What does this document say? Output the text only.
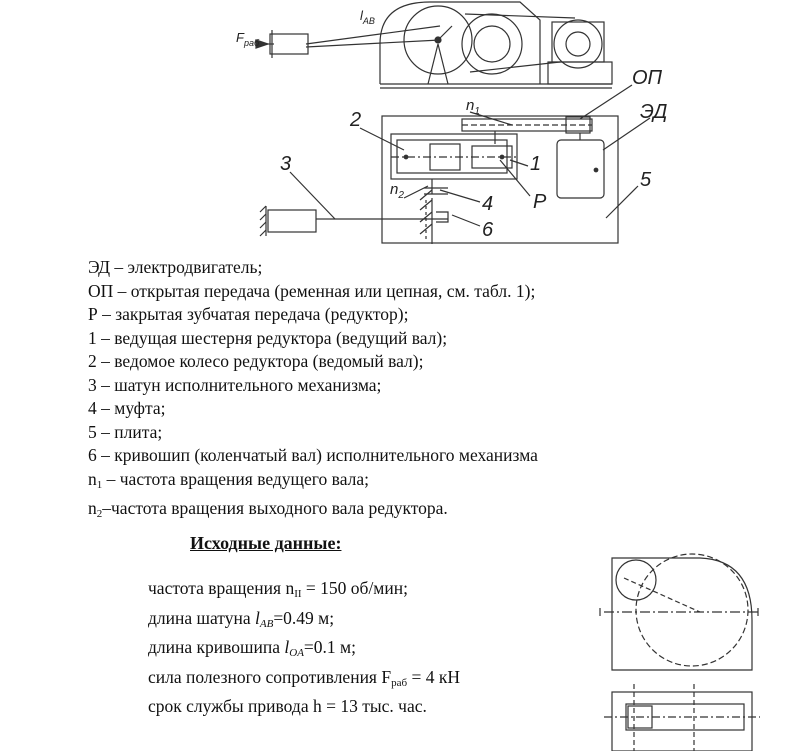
$F_{раб}$
$l_{AB}$
$n_1$
ОП
ЭД
2
1
3
5
$n_2$	4 P
6
ЭД – электродвигатель;
ОП – открытая передача (ременная или цепная, см. табл. 1);
Р – закрытая зубчатая передача (редуктор);
1 – ведущая шестерня редуктора (ведущий вал);
2 – ведомое колесо редуктора (ведомый вал);
3 – шатун исполнительного механизма;
4 – муфта;
5 – плита;
6 – кривошип (коленчатый вал) исполнительного механизма
$n_1$ – частота вращения ведущего вала;
$n_2$–частота вращения выходного вала редуктора.
Исходные данные:
частота вращения $n_{II} = 150$ об/мин;
длина шатуна $l_{AB}=0.49$ м;
длина кривошипа $l_{OA}=0.1$ м;
сила полезного сопротивления $F_{раб} = 4$ кН
срок службы привода h = 13 тыс. час.
